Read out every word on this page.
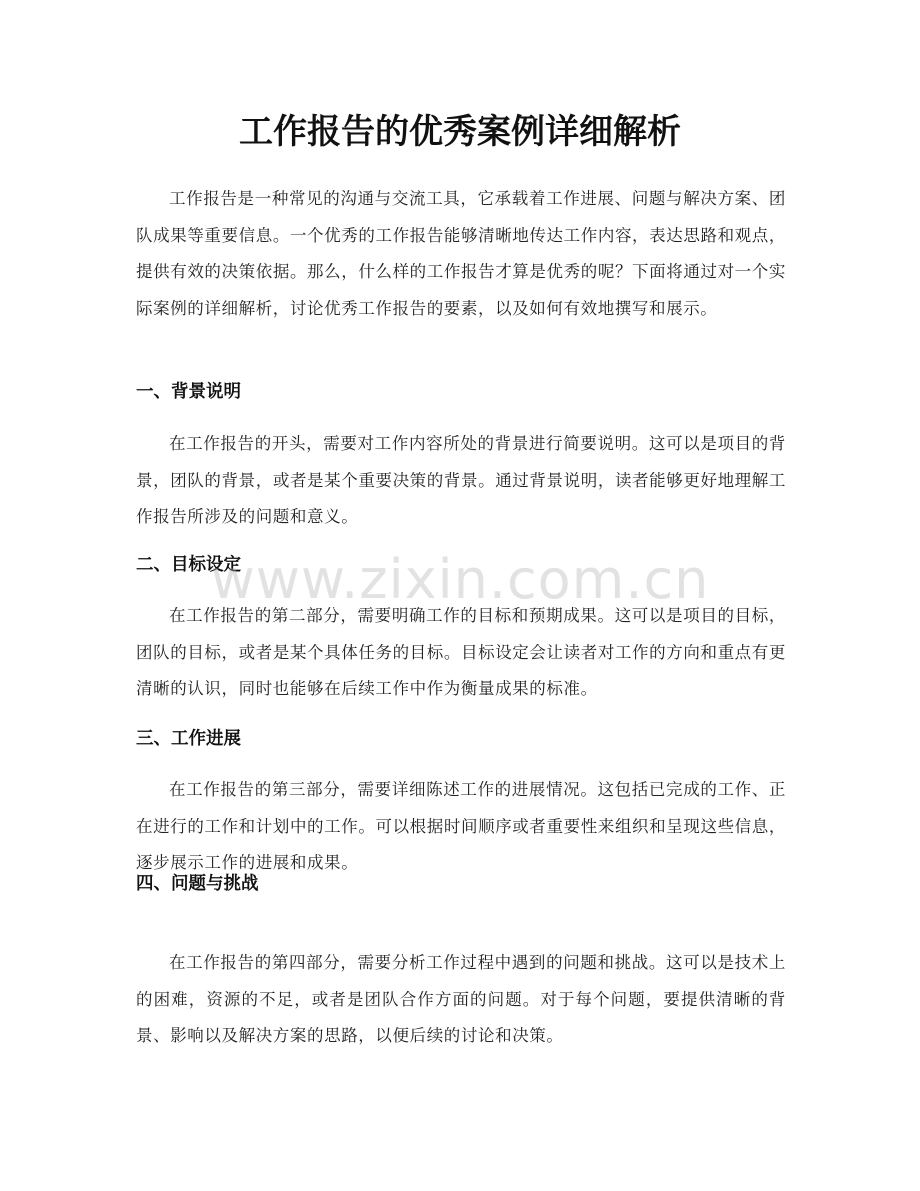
工作报告的优秀案例详细解析

工作报告是一种常见的沟通与交流工具，它承载着工作进展、问题与解决方案、团队成果等重要信息。一个优秀的工作报告能够清晰地传达工作内容，表达思路和观点，提供有效的决策依据。那么，什么样的工作报告才算是优秀的呢？下面将通过对一个实际案例的详细解析，讨论优秀工作报告的要素，以及如何有效地撰写和展示。

一、背景说明

在工作报告的开头，需要对工作内容所处的背景进行简要说明。这可以是项目的背景，团队的背景，或者是某个重要决策的背景。通过背景说明，读者能够更好地理解工作报告所涉及的问题和意义。

二、目标设定

在工作报告的第二部分，需要明确工作的目标和预期成果。这可以是项目的目标，团队的目标，或者是某个具体任务的目标。目标设定会让读者对工作的方向和重点有更清晰的认识，同时也能够在后续工作中作为衡量成果的标准。

三、工作进展

在工作报告的第三部分，需要详细陈述工作的进展情况。这包括已完成的工作、正在进行的工作和计划中的工作。可以根据时间顺序或者重要性来组织和呈现这些信息，逐步展示工作的进展和成果。

四、问题与挑战

在工作报告的第四部分，需要分析工作过程中遇到的问题和挑战。这可以是技术上的困难，资源的不足，或者是团队合作方面的问题。对于每个问题，要提供清晰的背景、影响以及解决方案的思路，以便后续的讨论和决策。

www.zixin.com.cn
